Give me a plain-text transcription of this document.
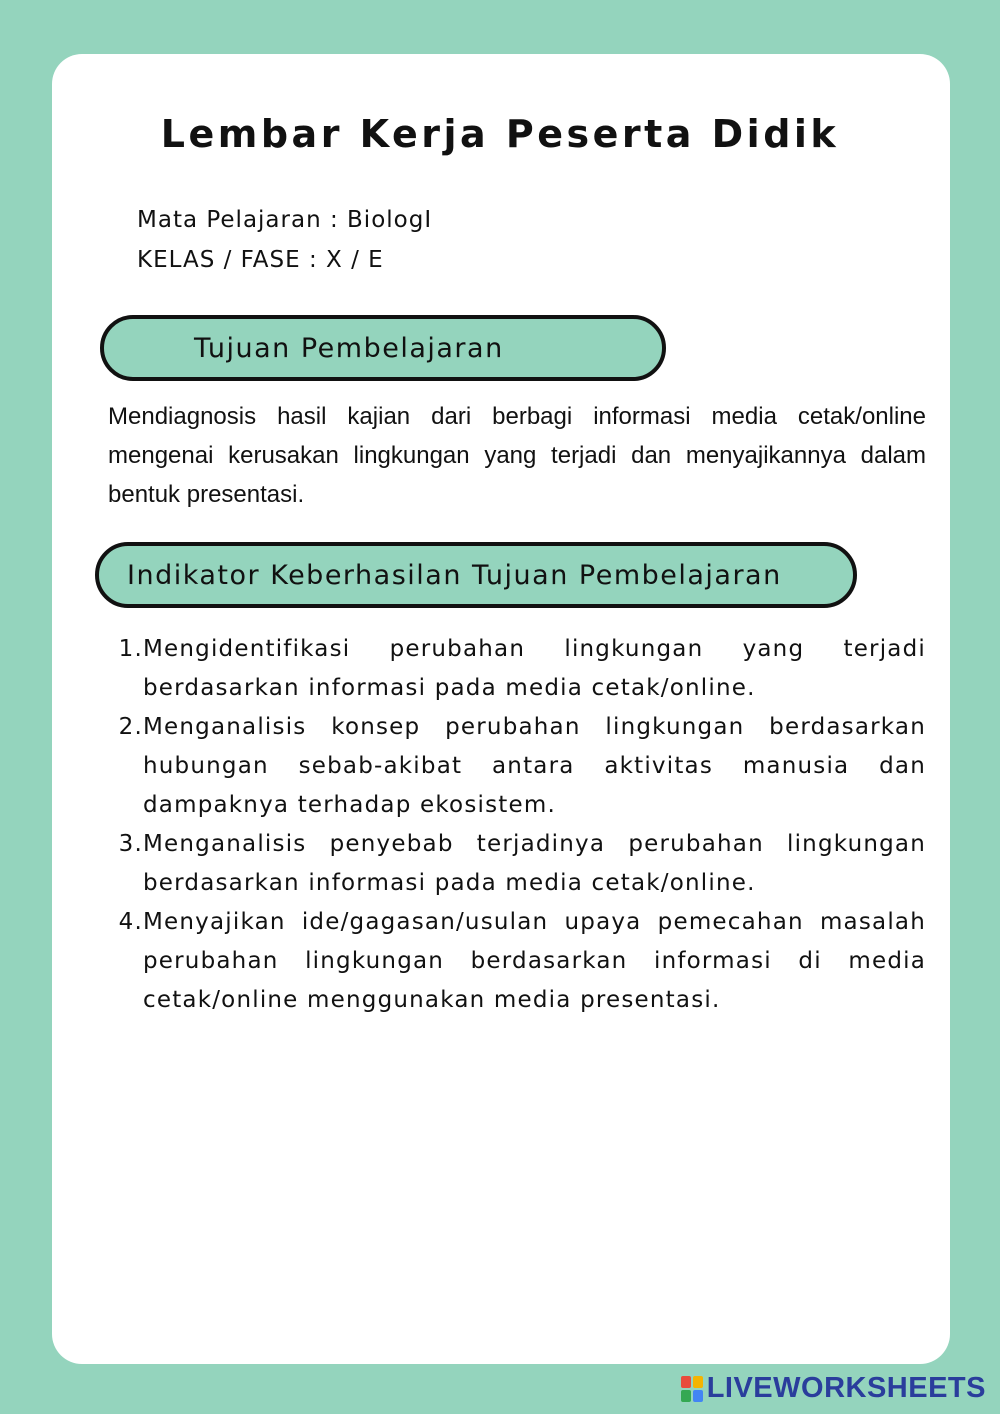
Lembar Kerja Peserta Didik
Mata Pelajaran : BiologI
KELAS / FASE : X / E
Tujuan Pembelajaran

Mendiagnosis hasil kajian dari berbagi informasi media cetak/online mengenai kerusakan lingkungan yang terjadi dan menyajikannya dalam bentuk presentasi.

Indikator Keberhasilan Tujuan Pembelajaran
1. Mengidentifikasi perubahan lingkungan yang terjadi berdasarkan informasi pada media cetak/online.
2. Menganalisis konsep perubahan lingkungan berdasarkan hubungan sebab-akibat antara aktivitas manusia dan dampaknya terhadap ekosistem.
3. Menganalisis penyebab terjadinya perubahan lingkungan berdasarkan informasi pada media cetak/online.
4. Menyajikan ide/gagasan/usulan upaya pemecahan masalah perubahan lingkungan berdasarkan informasi di media cetak/online menggunakan media presentasi.
LIVEWORKSHEETS
